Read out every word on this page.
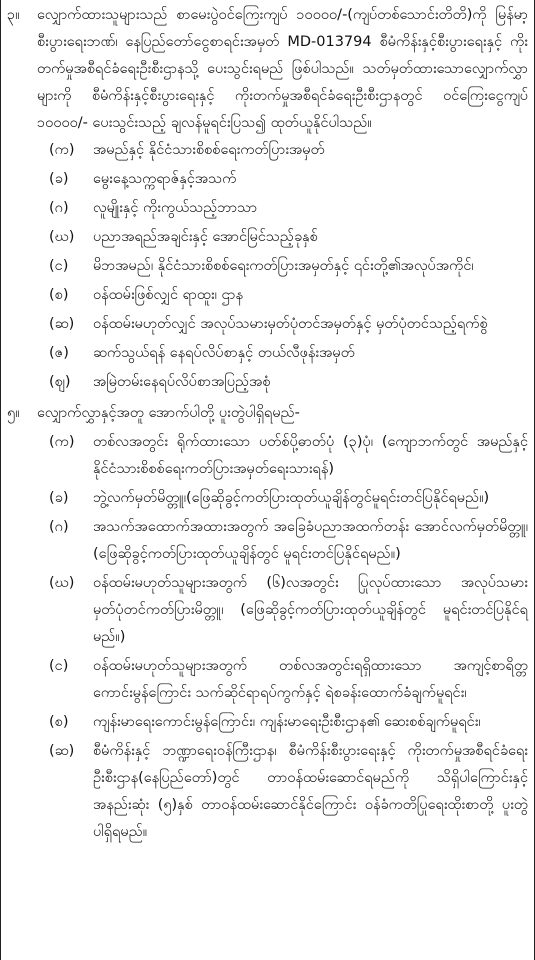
၃။	လျှောက်ထားသူများသည် စာမေးပွဲဝင်ကြေးကျပ် ၁၀၀၀၀/-(ကျပ်တစ်သောင်းတိတိ)ကို မြန်မာ့စီးပွားရေးဘဏ်၊ နေပြည်တော်ငွေစာရင်းအမှတ် MD-013794 စီမံကိန်းနှင့်စီးပွားရေးနှင့် ကိုးတက်မှုအစီရင်ခံရေးဦးစီးဌာနသို့ ပေးသွင်းရမည် ဖြစ်ပါသည်။ သတ်မှတ်ထားသောလျှောက်လွှာများကို စီမံကိန်းနှင့်စီးပွားရေးနှင့် ကိုးတက်မှုအစီရင်ခံရေးဦးစီးဌာနတွင် ဝင်ကြေးငွေကျပ် ၁၀၀၀၀/- ပေးသွင်းသည့် ချလန်မူရင်းပြသ၍ ထုတ်ယူနိုင်ပါသည်။

(က)	အမည်နှင့် နိုင်ငံသားစိစစ်ရေးကတ်ပြားအမှတ်
(ခ)	မွေးနေ့သက္ကရာဇ်နှင့်အသက်
(ဂ)	လူမျိုးနှင့် ကိုးကွယ်သည့်ဘာသာ
(ဃ)	ပညာအရည်အချင်းနှင့် အောင်မြင်သည့်ခုနှစ်
(င)	မိဘအမည်၊ နိုင်ငံသားစိစစ်ရေးကတ်ပြားအမှတ်နှင့် ၎င်းတို့၏အလုပ်အကိုင်၊
(စ)	ဝန်ထမ်းဖြစ်လျှင် ရာထူး၊ ဌာန
(ဆ)	ဝန်ထမ်းမဟုတ်လျှင် အလုပ်သမားမှတ်ပုံတင်အမှတ်နှင့် မှတ်ပုံတင်သည့်ရက်စွဲ
(ဇ)	ဆက်သွယ်ရန် နေရပ်လိပ်စာနှင့် တယ်လီဖုန်းအမှတ်
(ဈ)	အမြဲတမ်းနေရပ်လိပ်စာအပြည့်အစုံ
၅။	လျှောက်လွှာနှင့်အတူ အောက်ပါတို့ ပူးတွဲပါရှိရမည်-

(က)	တစ်လအတွင်း ရိုက်ထားသော ပတ်စ်ပို့ဓာတ်ပုံ (၃)ပုံ၊ (ကျောဘက်တွင် အမည်နှင့် နိုင်ငံသားစိစစ်ရေးကတ်ပြားအမှတ်ရေးသားရန်)
(ခ)	ဘွဲ့လက်မှတ်မိတ္တူ၊(ဖြေဆိုခွင့်ကတ်ပြားထုတ်ယူချိန်တွင်မူရင်းတင်ပြနိုင်ရမည်။)
(ဂ)	အသက်အထောက်အထားအတွက် အခြေခံပညာအထက်တန်း အောင်လက်မှတ်မိတ္တူ၊(ဖြေဆိုခွင့်ကတ်ပြားထုတ်ယူချိန်တွင် မူရင်းတင်ပြနိုင်ရမည်။)
(ဃ)	ဝန်ထမ်းမဟုတ်သူများအတွက် (၆)လအတွင်း ပြုလုပ်ထားသော အလုပ်သမားမှတ်ပုံတင်ကတ်ပြားမိတ္တူ၊ (ဖြေဆိုခွင့်ကတ်ပြားထုတ်ယူချိန်တွင် မူရင်းတင်ပြနိုင်ရမည်။)
(င)	ဝန်ထမ်းမဟုတ်သူများအတွက် တစ်လအတွင်းရရှိထားသော အကျင့်စာရိတ္တကောင်းမွန်ကြောင်း သက်ဆိုင်ရာရပ်ကွက်နှင့် ရဲစခန်းထောက်ခံချက်မူရင်း၊
(စ)	ကျန်းမာရေးကောင်းမွန်ကြောင်း၊ ကျန်းမာရေးဦးစီးဌာန၏ ဆေးစစ်ချက်မူရင်း၊
(ဆ)	စီမံကိန်းနှင့် ဘဏ္ဍာရေးဝန်ကြီးဌာန၊ စီမံကိန်းစီးပွားရေးနှင့် ကိုးတက်မှုအစီရင်ခံရေးဦးစီးဌာန(နေပြည်တော်)တွင် တာဝန်ထမ်းဆောင်ရမည်ကို သိရှိပါကြောင်းနှင့် အနည်းဆုံး (၅)နှစ် တာဝန်ထမ်းဆောင်နိုင်ကြောင်း ဝန်ခံကတိပြုရေးထိုးစာတို့ ပူးတွဲပါရှိရမည်။
